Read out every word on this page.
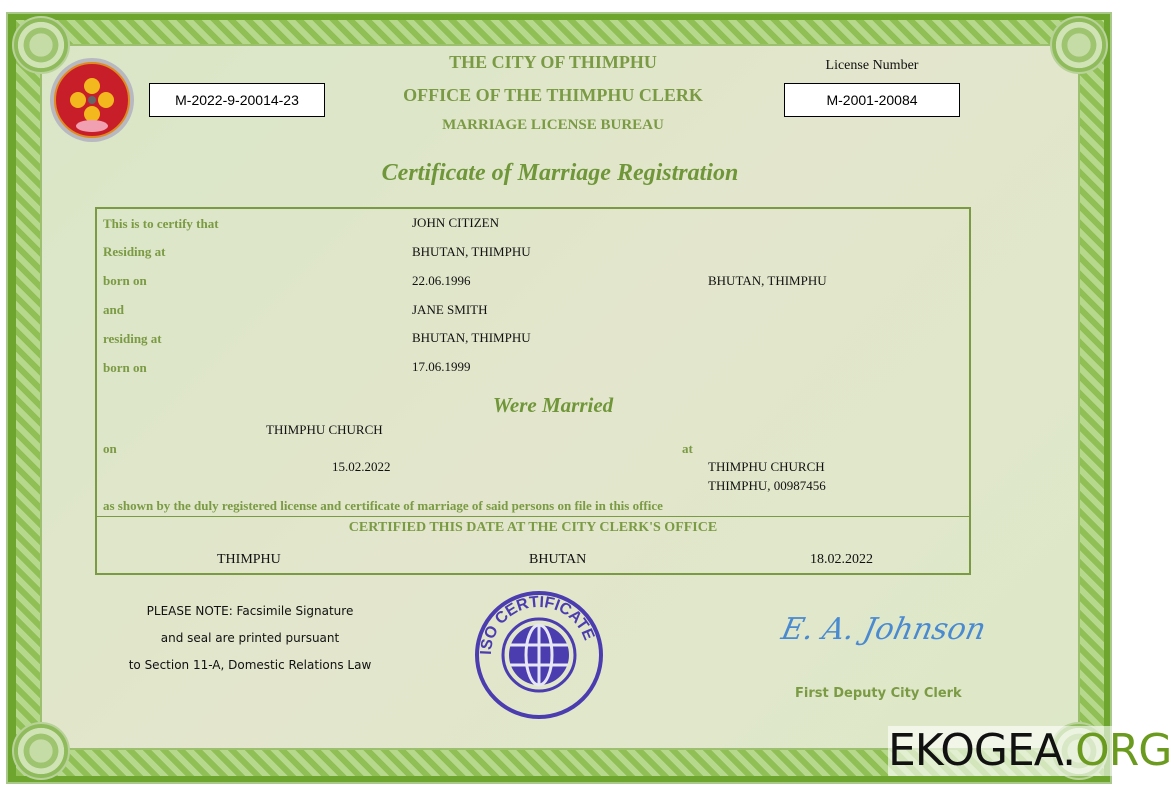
M-2022-9-20014-23
THE CITY OF THIMPHU
OFFICE OF THE THIMPHU CLERK
MARRIAGE LICENSE BUREAU
License Number
M-2001-20084
Certificate of Marriage Registration
This is to certify that	JOHN CITIZEN
Residing at	BHUTAN, THIMPHU
born on	22.06.1996	BHUTAN, THIMPHU
and	JANE SMITH
residing at	BHUTAN, THIMPHU
born on	17.06.1999
Were Married
THIMPHU CHURCH
on
15.02.2022
at
THIMPHU CHURCH
THIMPHU, 00987456
as shown by the duly registered license and certificate of marriage of said persons on file in this office
CERTIFIED THIS DATE AT THE CITY CLERK'S OFFICE
THIMPHU	BHUTAN	18.02.2022
PLEASE NOTE: Facsimile Signature
and seal are printed pursuant
to Section 11-A, Domestic Relations Law
ISO CERTIFICATE	E. A. Johnson
First Deputy City Clerk
EKOGEA.ORG
